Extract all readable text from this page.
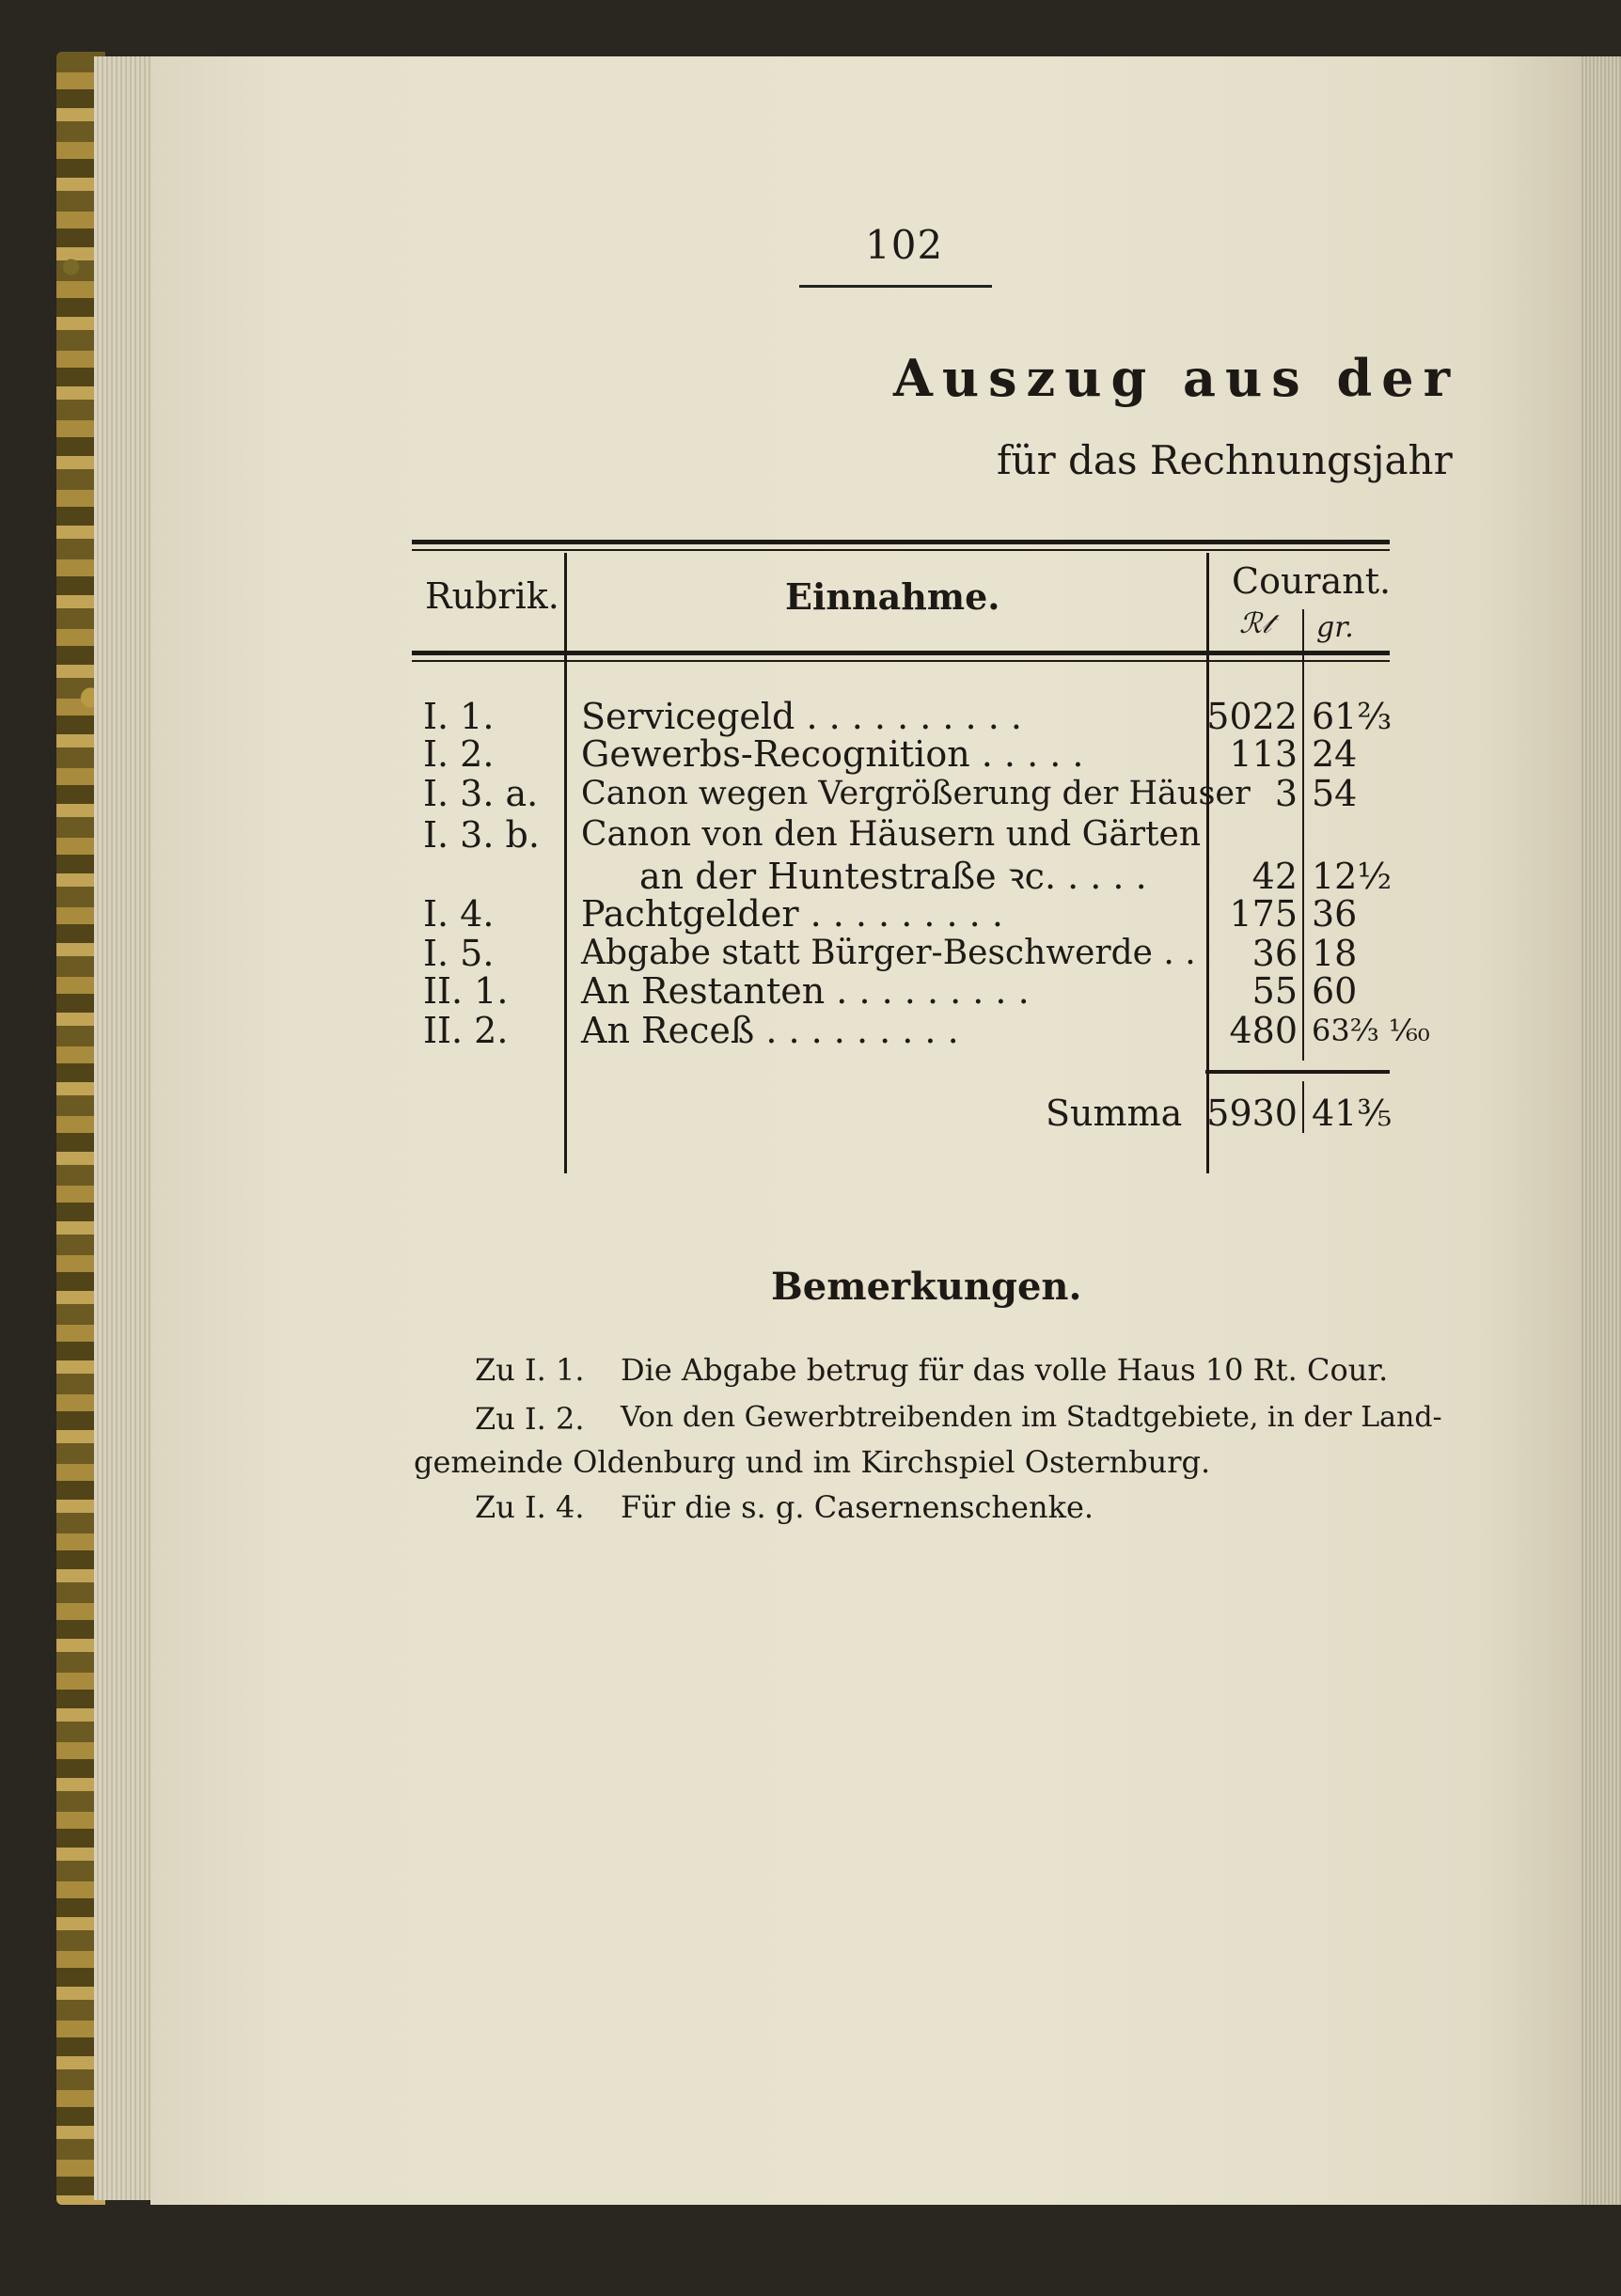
102
Auszug aus der
für das Rechnungsjahr
Rubrik.	Einnahme.	Courant.
ℛ𝓉 gr.
I. 1. Servicegeld . . . . . . . . . .	5022 61⅔
I. 2. Gewerbs-Recognition . . . . .	113 24
I. 3. a. Canon wegen Vergrößerung der Häuser 3 54
I. 3. b. Canon von den Häusern und Gärten
an der Huntestraße ꝛc. . . . .	42 12½
I. 4. Pachtgelder . . . . . . . . .	175 36
I. 5.	Abgabe statt Bürger-Beschwerde . . 36 18
II. 1. An Restanten . . . . . . . . .	55 60
II. 2. An Receß . . . . . . . . .	480 63⅔ ¹⁄₆₀
Summa 5930 41⅗
Bemerkungen.
Zu I. 1. Die Abgabe betrug für das volle Haus 10 Rt. Cour.
Zu I. 2. Von den Gewerbtreibenden im Stadtgebiete, in der Land-
gemeinde Oldenburg und im Kirchspiel Osternburg.
Zu I. 4. Für die s. g. Casernenschenke.
